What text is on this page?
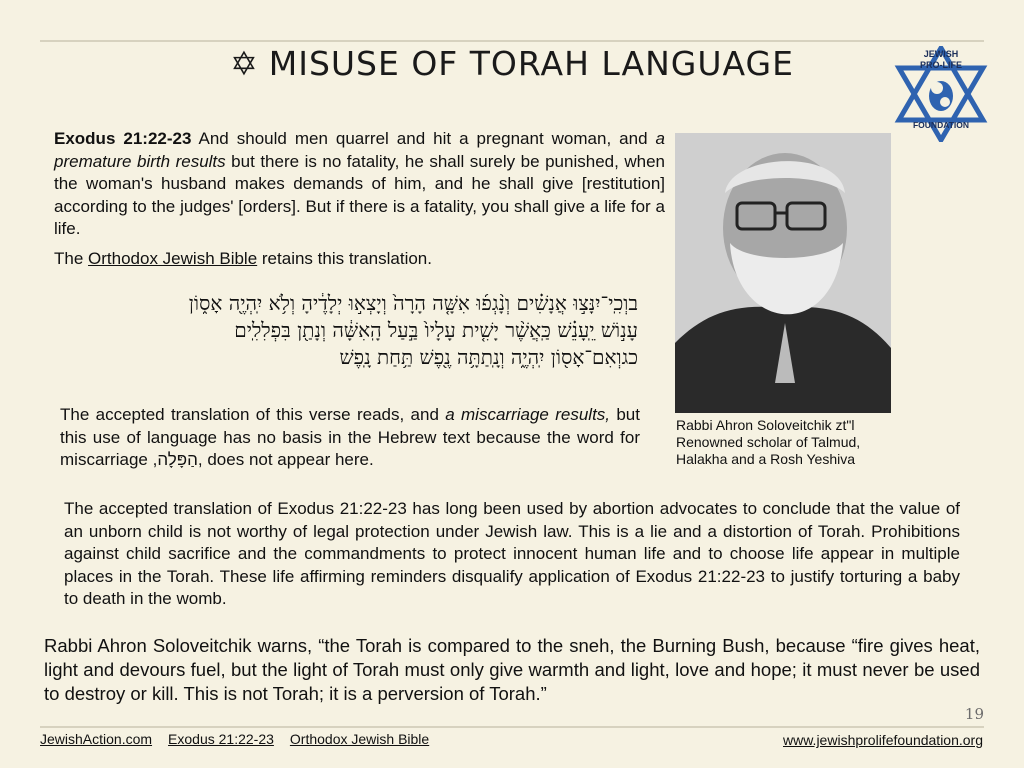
✡ MISUSE OF TORAH LANGUAGE	JEWISH
PRO-LIFE
FOUNDATION
Exodus 21:22-23 And should men quarrel and hit a pregnant woman, and a premature birth results but there is no fatality, he shall surely be punished, when the woman's husband makes demands of him, and he shall give [restitution] according to the judges' [orders]. But if there is a fatality, you shall give a life for a life.
The Orthodox Jewish Bible retains this translation.
בוְכִֽי־יִנָּצ֣וּ אֲנָשִׁ֗ים וְנָ֨גְפ֜וּ אִשָּׁ֤ה הָרָה֙ וְיָצְא֣וּ יְלָדֶ֔יהָ וְלֹ֥א יִֽהְיֶ֖ה אָס֑וֹן
עָנ֣וֹשׁ יֵֽעָנֵ֗שׁ כַּֽאֲשֶׁ֨ר יָשִׁ֤ית עָלָיו֙ בַּ֣עַל הָֽאִשָּׁ֔ה וְנָתַ֖ן בִּפְלִלִֽים
כגוְאִם־אָס֖וֹן יִֽהְיֶ֑ה וְנָֽתַתָּ֥ה נֶ֖פֶשׁ תַּ֥חַת נָֽפֶשׁ
The accepted translation of this verse reads, and a miscarriage results, but this use of language has no basis in the Hebrew text because the word for miscarriage ,הַפָּלָה, does not appear here.
Rabbi Ahron Soloveitchik zt"l
Renowned scholar of Talmud,
Halakha and a Rosh Yeshiva
The accepted translation of Exodus 21:22-23 has long been used by abortion advocates to conclude that the value of an unborn child is not worthy of legal protection under Jewish law. This is a lie and a distortion of Torah. Prohibitions against child sacrifice and the commandments to protect innocent human life and to choose life appear in multiple places in the Torah. These life affirming reminders disqualify application of Exodus 21:22-23 to justify torturing a baby to death in the womb.
Rabbi Ahron Soloveitchik warns, “the Torah is compared to the sneh, the Burning Bush, because “fire gives heat, light and devours fuel, but the light of Torah must only give warmth and light, love and hope; it must never be used to destroy or kill. This is not Torah; it is a perversion of Torah.”
19
JewishAction.com Exodus 21:22-23 Orthodox Jewish Bible	www.jewishprolifefoundation.org
